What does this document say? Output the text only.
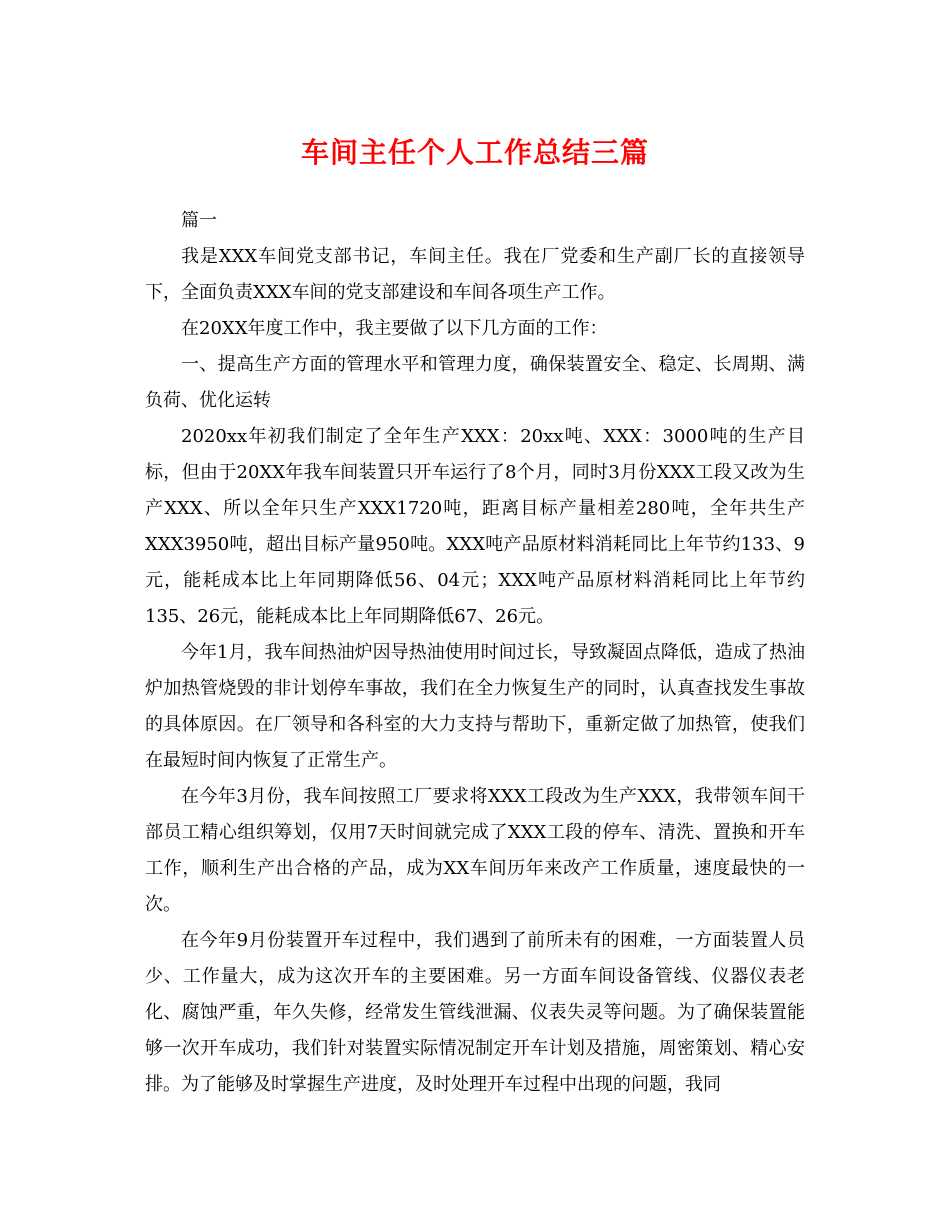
车间主任个人工作总结三篇

篇一

我是XXX车间党支部书记，车间主任。我在厂党委和生产副厂长的直接领导下，全面负责XXX车间的党支部建设和车间各项生产工作。

在20XX年度工作中，我主要做了以下几方面的工作：

一、提高生产方面的管理水平和管理力度，确保装置安全、稳定、长周期、满负荷、优化运转

2020xx年初我们制定了全年生产XXX：20xx吨、XXX：3000吨的生产目标，但由于20XX年我车间装置只开车运行了8个月，同时3月份XXX工段又改为生产XXX、所以全年只生产XXX1720吨，距离目标产量相差280吨，全年共生产XXX3950吨，超出目标产量950吨。XXX吨产品原材料消耗同比上年节约133、9元，能耗成本比上年同期降低56、04元；XXX吨产品原材料消耗同比上年节约135、26元，能耗成本比上年同期降低67、26元。

今年1月，我车间热油炉因导热油使用时间过长，导致凝固点降低，造成了热油炉加热管烧毁的非计划停车事故，我们在全力恢复生产的同时，认真查找发生事故的具体原因。在厂领导和各科室的大力支持与帮助下，重新定做了加热管，使我们在最短时间内恢复了正常生产。

在今年3月份，我车间按照工厂要求将XXX工段改为生产XXX，我带领车间干部员工精心组织筹划，仅用7天时间就完成了XXX工段的停车、清洗、置换和开车工作，顺利生产出合格的产品，成为XX车间历年来改产工作质量，速度最快的一次。

在今年9月份装置开车过程中，我们遇到了前所未有的困难，一方面装置人员少、工作量大，成为这次开车的主要困难。另一方面车间设备管线、仪器仪表老化、腐蚀严重，年久失修，经常发生管线泄漏、仪表失灵等问题。为了确保装置能够一次开车成功，我们针对装置实际情况制定开车计划及措施，周密策划、精心安排。为了能够及时掌握生产进度，及时处理开车过程中出现的问题，我同
